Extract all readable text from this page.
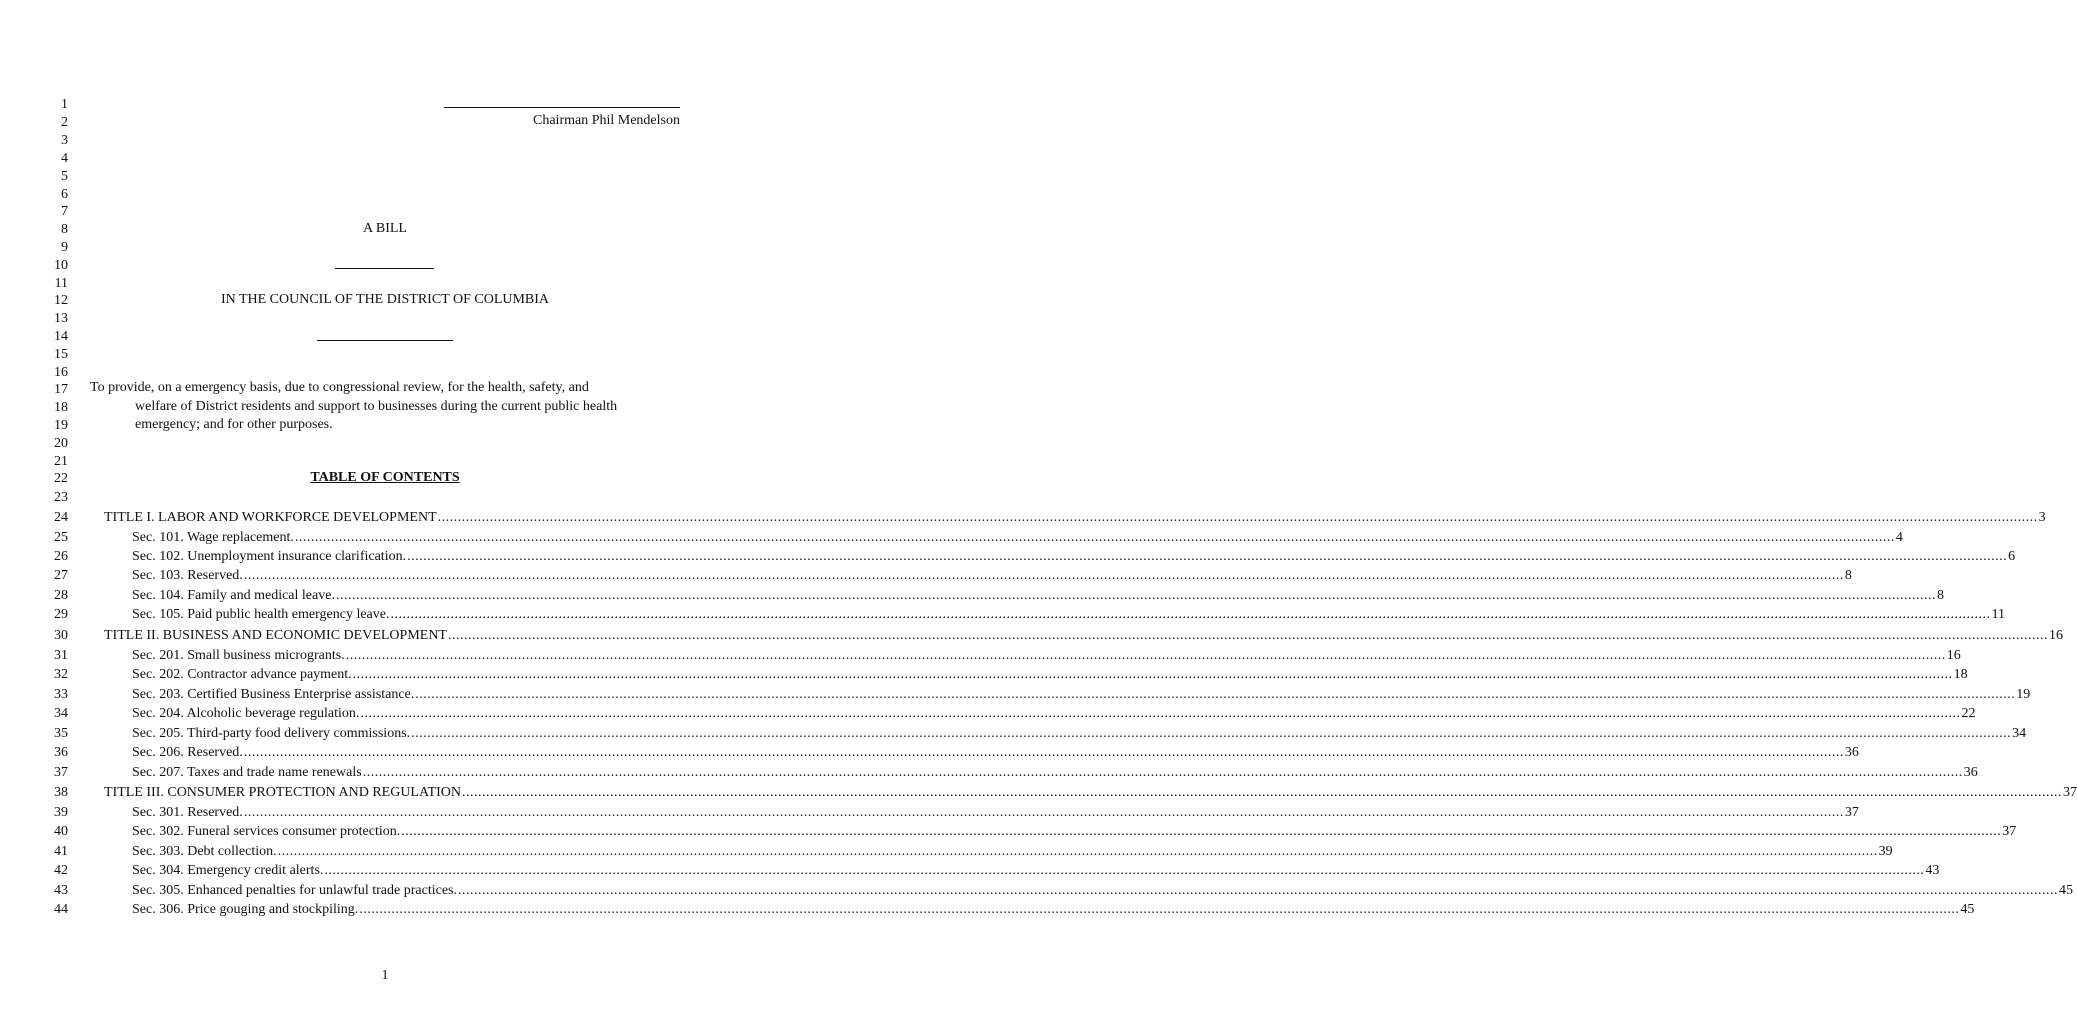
1
2
3
4
5
6
7
8
9
10
11
12
13
14
15
16
17
18
19
20
21
22
23
24
25
26
27
28
29
30
31
32
33
34
35
36
37
38
39
40
41
42
43
44
Chairman Phil Mendelson
A BILL
IN THE COUNCIL OF THE DISTRICT OF COLUMBIA
To provide, on a emergency basis, due to congressional review, for the health, safety, and
welfare of District residents and support to businesses during the current public health
emergency; and for other purposes.
TABLE OF CONTENTS
TITLE I. LABOR AND WORKFORCE DEVELOPMENT ................................................................................................................................................................................................................................................................................................................................................................................................................ 3
Sec. 101. Wage replacement. ................................................................................................................................................................................................................................................................................................................................................................................................................ 4
Sec. 102. Unemployment insurance clarification. ................................................................................................................................................................................................................................................................................................................................................................................................................ 6
Sec. 103. Reserved. ................................................................................................................................................................................................................................................................................................................................................................................................................ 8
Sec. 104. Family and medical leave. ................................................................................................................................................................................................................................................................................................................................................................................................................ 8
Sec. 105. Paid public health emergency leave. ................................................................................................................................................................................................................................................................................................................................................................................................................ 11
TITLE II. BUSINESS AND ECONOMIC DEVELOPMENT ................................................................................................................................................................................................................................................................................................................................................................................................................ 16
Sec. 201. Small business microgrants. ................................................................................................................................................................................................................................................................................................................................................................................................................ 16
Sec. 202. Contractor advance payment. ................................................................................................................................................................................................................................................................................................................................................................................................................ 18
Sec. 203. Certified Business Enterprise assistance. ................................................................................................................................................................................................................................................................................................................................................................................................................ 19
Sec. 204. Alcoholic beverage regulation. ................................................................................................................................................................................................................................................................................................................................................................................................................ 22
Sec. 205. Third-party food delivery commissions. ................................................................................................................................................................................................................................................................................................................................................................................................................ 34
Sec. 206. Reserved. ................................................................................................................................................................................................................................................................................................................................................................................................................ 36
Sec. 207. Taxes and trade name renewals ................................................................................................................................................................................................................................................................................................................................................................................................................ 36
TITLE III. CONSUMER PROTECTION AND REGULATION ................................................................................................................................................................................................................................................................................................................................................................................................................ 37
Sec. 301. Reserved. ................................................................................................................................................................................................................................................................................................................................................................................................................ 37
Sec. 302. Funeral services consumer protection. ................................................................................................................................................................................................................................................................................................................................................................................................................ 37
Sec. 303. Debt collection. ................................................................................................................................................................................................................................................................................................................................................................................................................ 39
Sec. 304. Emergency credit alerts. ................................................................................................................................................................................................................................................................................................................................................................................................................ 43
Sec. 305. Enhanced penalties for unlawful trade practices. ................................................................................................................................................................................................................................................................................................................................................................................................................ 45
Sec. 306. Price gouging and stockpiling. ................................................................................................................................................................................................................................................................................................................................................................................................................ 45
1
